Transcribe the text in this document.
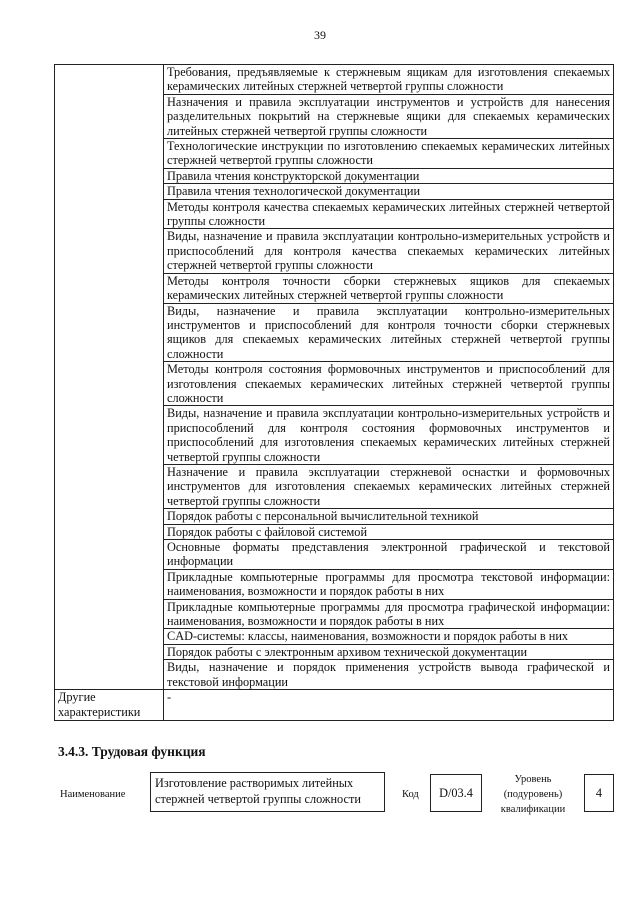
39
	Требования, предъявляемые к стержневым ящикам для изготовления спекаемых керамических литейных стержней четвертой группы сложности
	Назначения и правила эксплуатации инструментов и устройств для нанесения разделительных покрытий на стержневые ящики для спекаемых керамических литейных стержней четвертой группы сложности
	Технологические инструкции по изготовлению спекаемых керамических литейных стержней четвертой группы сложности
	Правила чтения конструкторской документации
	Правила чтения технологической документации
	Методы контроля качества спекаемых керамических литейных стержней четвертой группы сложности
	Виды, назначение и правила эксплуатации контрольно-измерительных устройств и приспособлений для контроля качества спекаемых керамических литейных стержней четвертой группы сложности
	Методы контроля точности сборки стержневых ящиков для спекаемых керамических литейных стержней четвертой группы сложности
	Виды, назначение и правила эксплуатации контрольно-измерительных инструментов и приспособлений для контроля точности сборки стержневых ящиков для спекаемых керамических литейных стержней четвертой группы сложности
	Методы контроля состояния формовочных инструментов и приспособлений для изготовления спекаемых керамических литейных стержней четвертой группы сложности
	Виды, назначение и правила эксплуатации контрольно-измерительных устройств и приспособлений для контроля состояния формовочных инструментов и приспособлений для изготовления спекаемых керамических литейных стержней четвертой группы сложности
	Назначение и правила эксплуатации стержневой оснастки и формовочных инструментов для изготовления спекаемых керамических литейных стержней четвертой группы сложности
	Порядок работы с персональной вычислительной техникой
	Порядок работы с файловой системой
	Основные форматы представления электронной графической и текстовой информации
	Прикладные компьютерные программы для просмотра текстовой информации: наименования, возможности и порядок работы в них
	Прикладные компьютерные программы для просмотра графической информации: наименования, возможности и порядок работы в них
	CAD-системы: классы, наименования, возможности и порядок работы в них
	Порядок работы с электронным архивом технической документации
	Виды, назначение и порядок применения устройств вывода графической и текстовой информации
Другие характеристики	-
3.4.3. Трудовая функция
Наименование
Изготовление растворимых литейных стержней четвертой группы сложности	Код	D/03.4
Уровень (подуровень) квалификации
4
